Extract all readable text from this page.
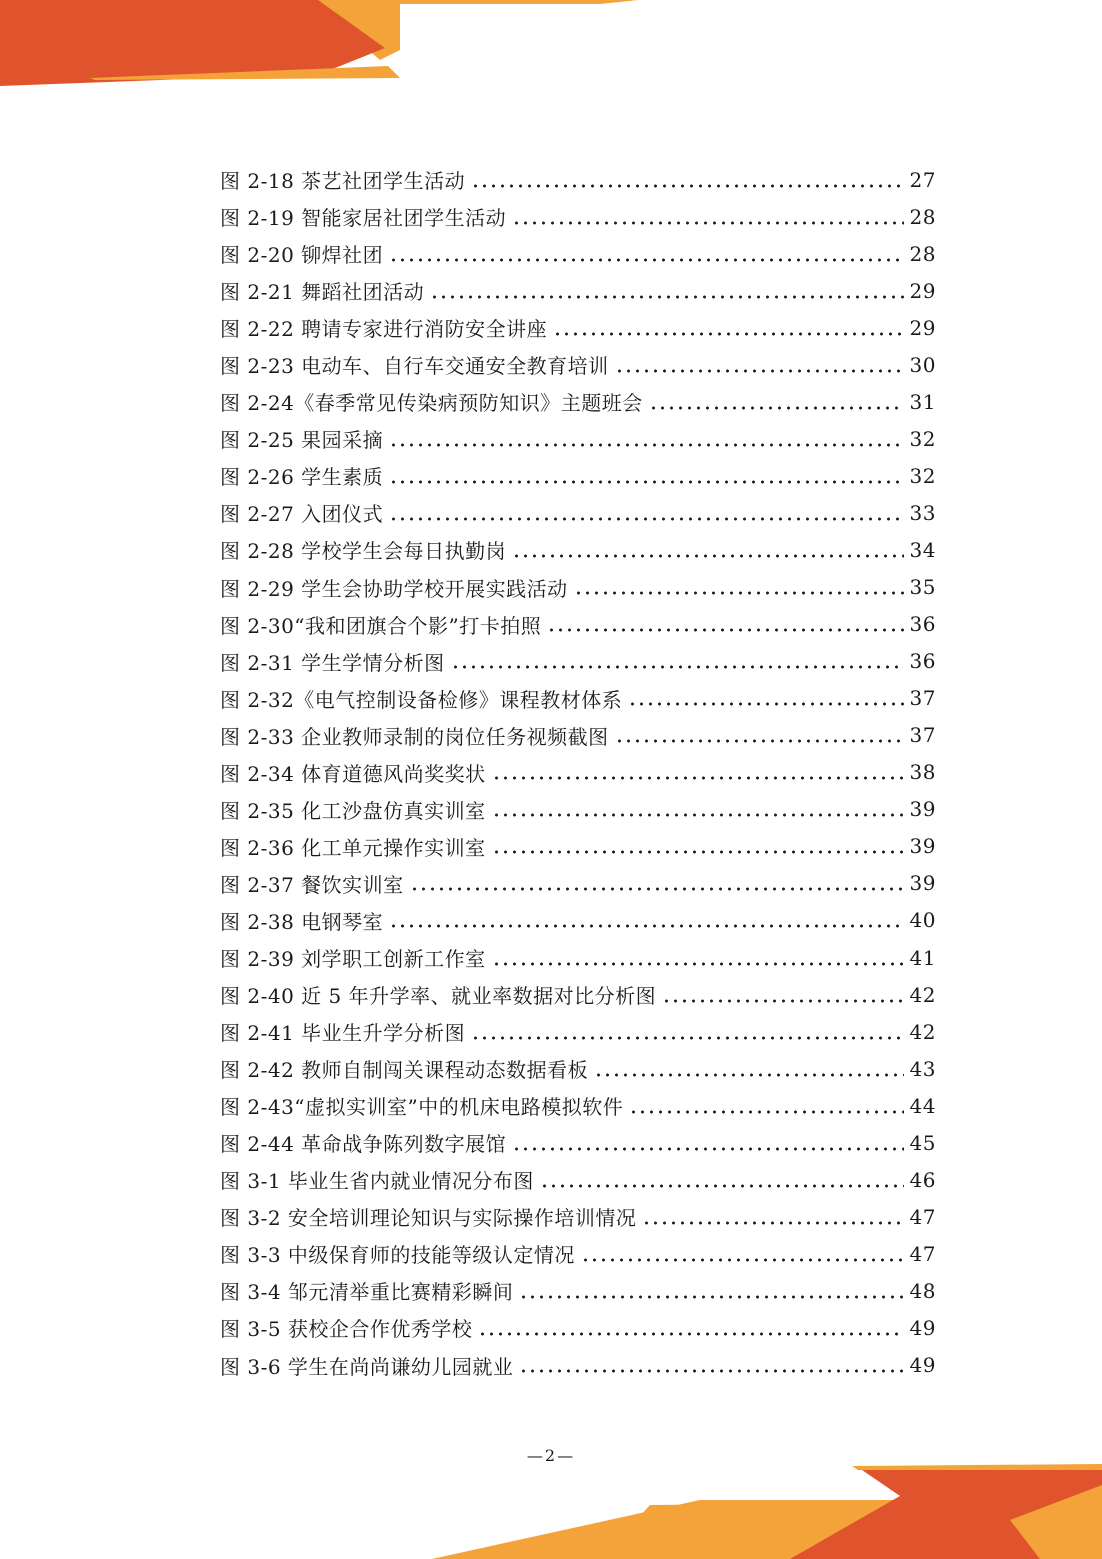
图 2-18 茶艺社团学生活动	27
图 2-19 智能家居社团学生活动	28
图 2-20 铆焊社团	28
图 2-21 舞蹈社团活动	29
图 2-22 聘请专家进行消防安全讲座	29
图 2-23 电动车、自行车交通安全教育培训	30
图 2-24《春季常见传染病预防知识》主题班会	31
图 2-25 果园采摘	32
图 2-26 学生素质	32
图 2-27 入团仪式	33
图 2-28 学校学生会每日执勤岗	34
图 2-29 学生会协助学校开展实践活动	35
图 2-30“我和团旗合个影”打卡拍照	36
图 2-31 学生学情分析图	36
图 2-32《电气控制设备检修》课程教材体系	37
图 2-33 企业教师录制的岗位任务视频截图	37
图 2-34 体育道德风尚奖奖状	38
图 2-35 化工沙盘仿真实训室	39
图 2-36 化工单元操作实训室	39
图 2-37 餐饮实训室	39
图 2-38 电钢琴室	40
图 2-39 刘学职工创新工作室	41
图 2-40 近 5 年升学率、就业率数据对比分析图	42
图 2-41 毕业生升学分析图	42
图 2-42 教师自制闯关课程动态数据看板	43
图 2-43“虚拟实训室”中的机床电路模拟软件	44
图 2-44 革命战争陈列数字展馆	45
图 3-1 毕业生省内就业情况分布图	46
图 3-2 安全培训理论知识与实际操作培训情况	47
图 3-3 中级保育师的技能等级认定情况	47
图 3-4 邹元清举重比赛精彩瞬间	48
图 3-5 获校企合作优秀学校	49
图 3-6 学生在尚尚谦幼儿园就业	49
—2—
